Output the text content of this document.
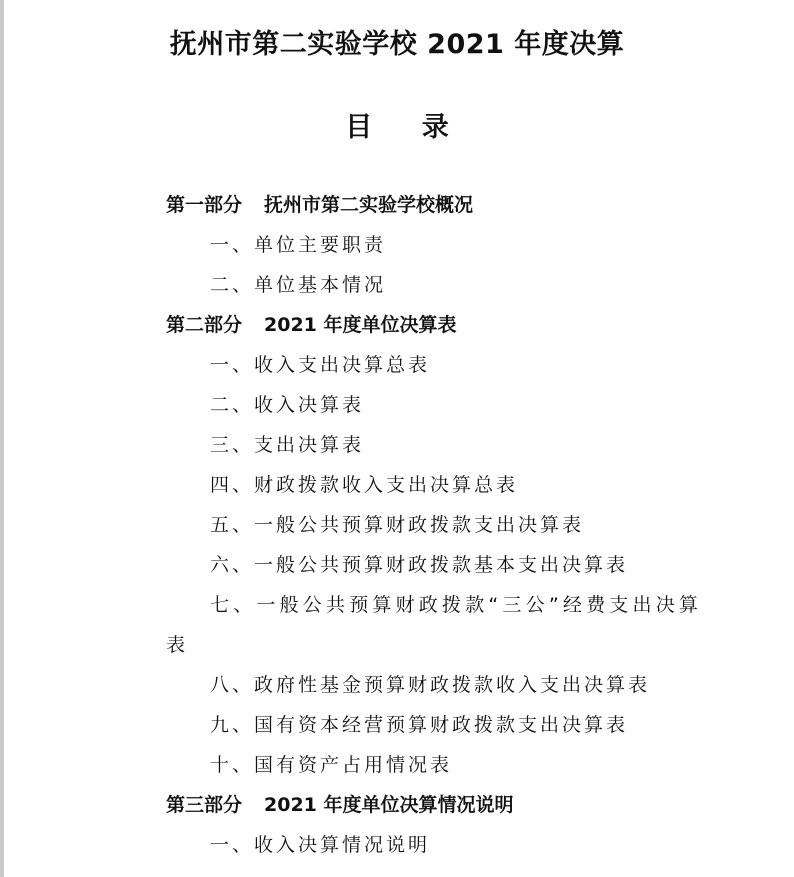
抚州市第二实验学校 2021 年度决算
目 录
第一部分 抚州市第二实验学校概况
一、单位主要职责
二、单位基本情况
第二部分 2021 年度单位决算表
一、收入支出决算总表
二、收入决算表
三、支出决算表
四、财政拨款收入支出决算总表
五、一般公共预算财政拨款支出决算表
六、一般公共预算财政拨款基本支出决算表
七、一般公共预算财政拨款“三公”经费支出决算
表
八、政府性基金预算财政拨款收入支出决算表
九、国有资本经营预算财政拨款支出决算表
十、国有资产占用情况表
第三部分 2021 年度单位决算情况说明
一、收入决算情况说明
